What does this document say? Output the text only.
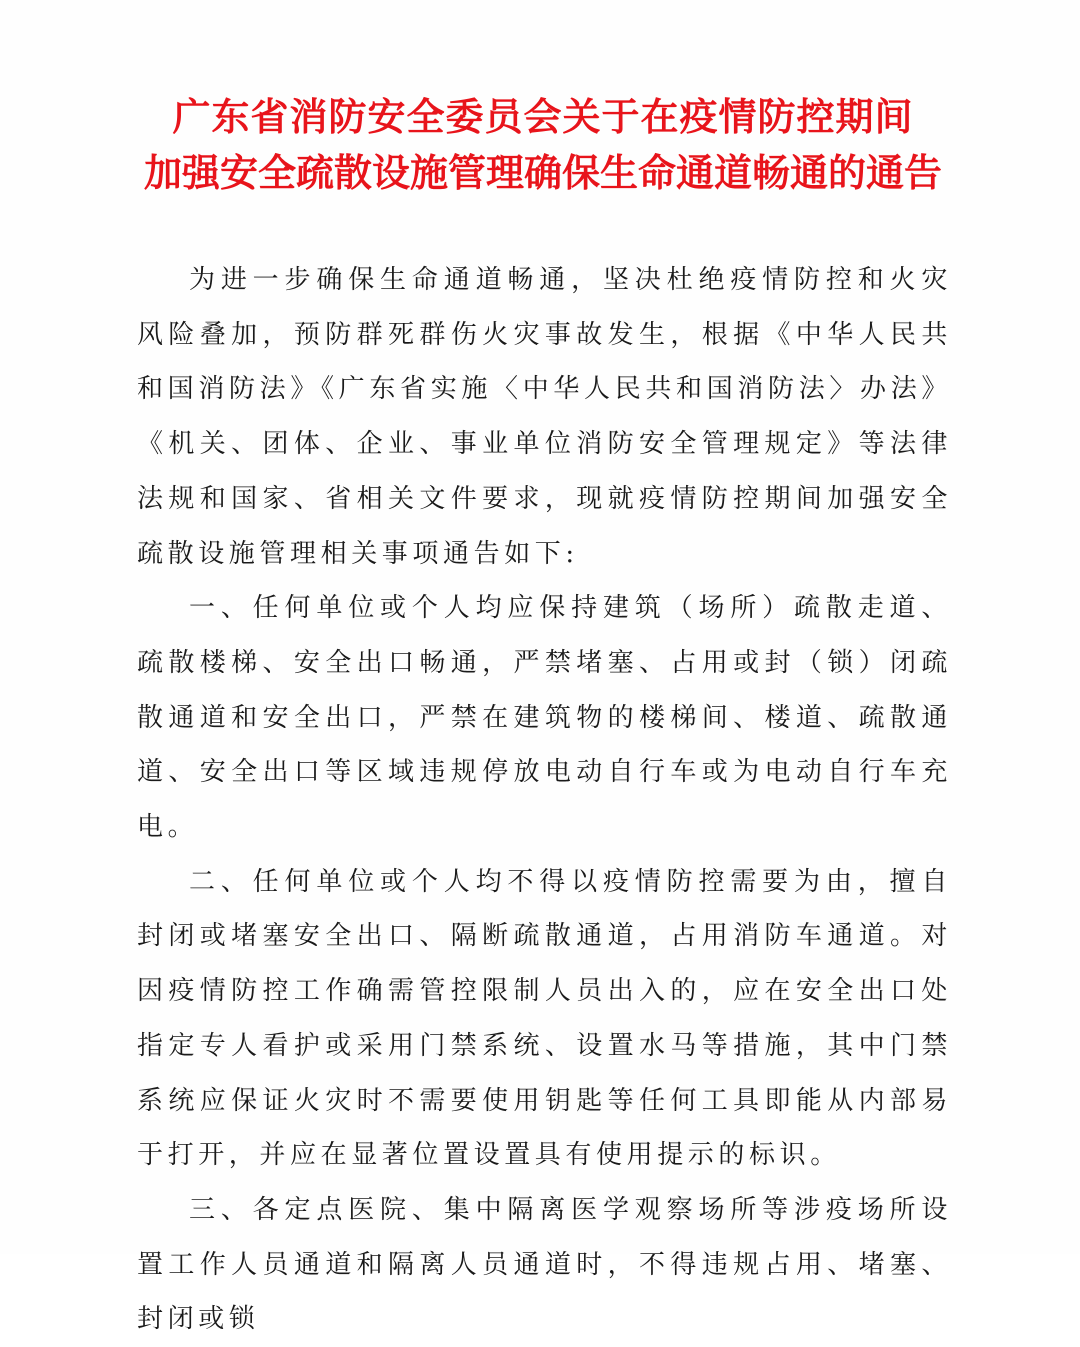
广东省消防安全委员会关于在疫情防控期间
加强安全疏散设施管理确保生命通道畅通的通告

为进一步确保生命通道畅通，坚决杜绝疫情防控和火灾风险叠加，预防群死群伤火灾事故发生，根据《中华人民共和国消防法》《广东省实施〈中华人民共和国消防法〉办法》《机关、团体、企业、事业单位消防安全管理规定》等法律法规和国家、省相关文件要求，现就疫情防控期间加强安全疏散设施管理相关事项通告如下:

一、任何单位或个人均应保持建筑（场所）疏散走道、疏散楼梯、安全出口畅通，严禁堵塞、占用或封（锁）闭疏散通道和安全出口，严禁在建筑物的楼梯间、楼道、疏散通道、安全出口等区域违规停放电动自行车或为电动自行车充电。

二、任何单位或个人均不得以疫情防控需要为由，擅自封闭或堵塞安全出口、隔断疏散通道，占用消防车通道。对因疫情防控工作确需管控限制人员出入的，应在安全出口处指定专人看护或采用门禁系统、设置水马等措施，其中门禁系统应保证火灾时不需要使用钥匙等任何工具即能从内部易于打开，并应在显著位置设置具有使用提示的标识。

三、各定点医院、集中隔离医学观察场所等涉疫场所设置工作人员通道和隔离人员通道时，不得违规占用、堵塞、封闭或锁
